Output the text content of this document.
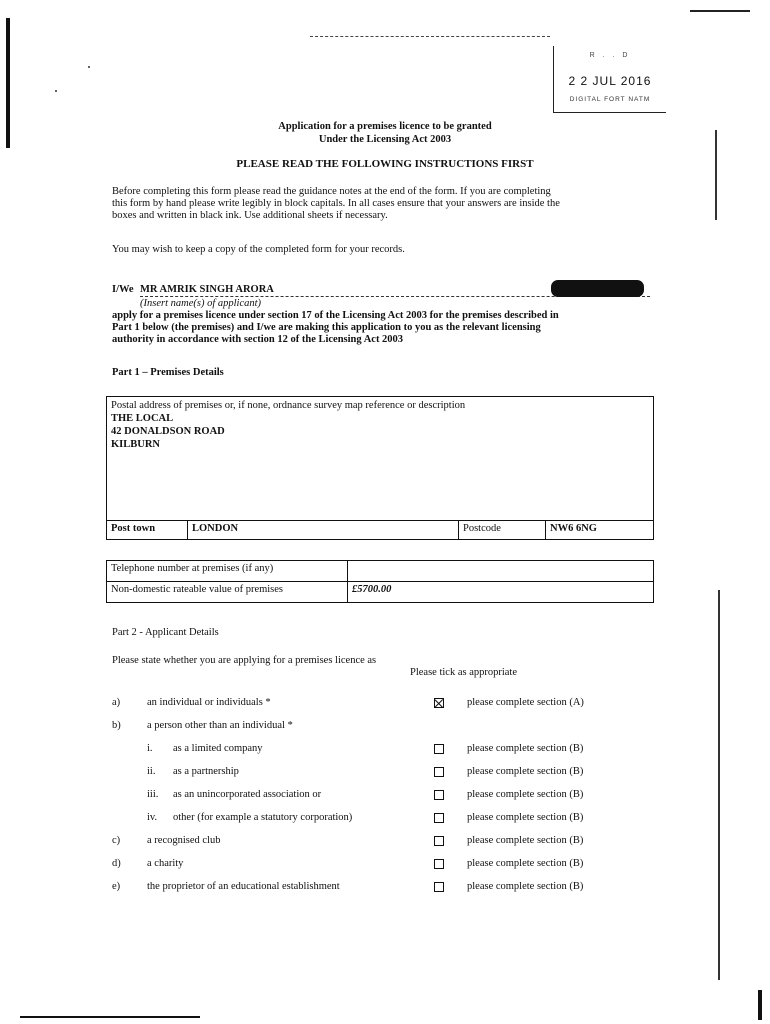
R . . D
2 2 JUL 2016
DIGITAL FORT NATM
Application for a premises licence to be granted
Under the Licensing Act 2003
PLEASE READ THE FOLLOWING INSTRUCTIONS FIRST
Before completing this form please read the guidance notes at the end of the form. If you are completing
this form by hand please write legibly in block capitals. In all cases ensure that your answers are inside the
boxes and written in black ink. Use additional sheets if necessary.
You may wish to keep a copy of the completed form for your records.
I/We MR AMRIK SINGH ARORA
(Insert name(s) of applicant)
apply for a premises licence under section 17 of the Licensing Act 2003 for the premises described in
Part 1 below (the premises) and I/we are making this application to you as the relevant licensing
authority in accordance with section 12 of the Licensing Act 2003
Part 1 – Premises Details
Postal address of premises or, if none, ordnance survey map reference or description
THE LOCAL
42 DONALDSON ROAD
KILBURN

Post town	LONDON	Postcode	NW6 6NG
Telephone number at premises (if any)	
Non-domestic rateable value of premises	£5700.00
Part 2 - Applicant Details
Please state whether you are applying for a premises licence as
Please tick as appropriate
a)	an individual or individuals *	please complete section (A)
b)	a person other than an individual *
i. as a limited company	please complete section (B)
ii. as a partnership	please complete section (B)
iii. as an unincorporated association or	please complete section (B)
iv. other (for example a statutory corporation)	please complete section (B)
c)	a recognised club	please complete section (B)
d)	a charity	please complete section (B)
e)	the proprietor of an educational establishment	please complete section (B)
